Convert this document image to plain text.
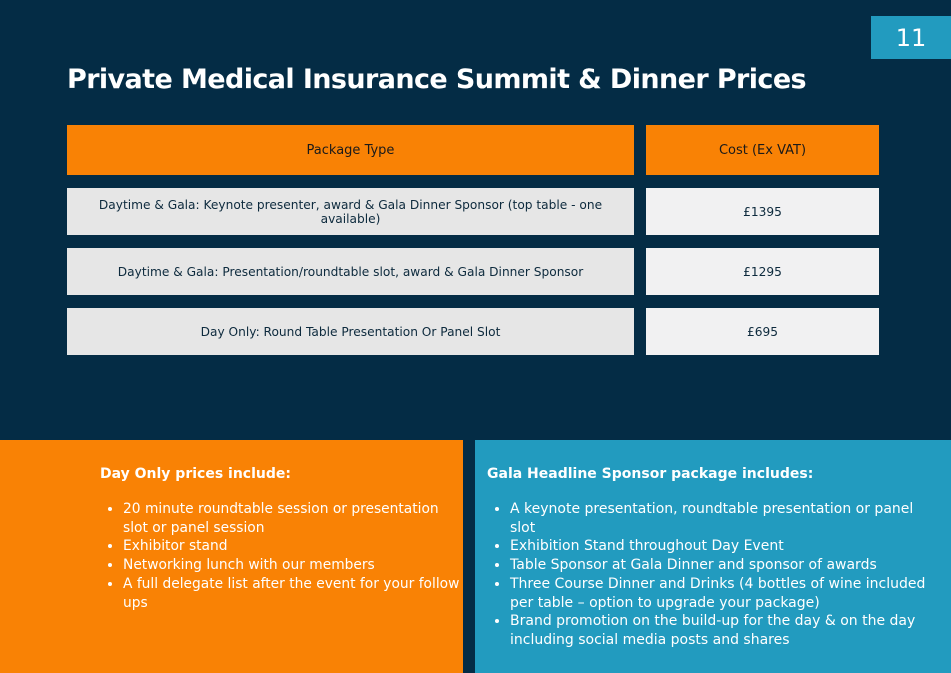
11
Private Medical Insurance Summit & Dinner Prices
Package Type	Cost (Ex VAT)
Daytime & Gala: Keynote presenter, award & Gala Dinner Sponsor (top table - one available)	£1395
Daytime & Gala: Presentation/roundtable slot, award & Gala Dinner Sponsor	£1295
Day Only: Round Table Presentation Or Panel Slot	£695
Day Only prices include:
• 20 minute roundtable session or presentation slot or panel session
• Exhibitor stand
• Networking lunch with our members
• A full delegate list after the event for your follow ups
Gala Headline Sponsor package includes:
• A keynote presentation, roundtable presentation or panel slot
• Exhibition Stand throughout Day Event
• Table Sponsor at Gala Dinner and sponsor of awards
• Three Course Dinner and Drinks (4 bottles of wine included per table – option to upgrade your package)
• Brand promotion on the build-up for the day & on the day including social media posts and shares
